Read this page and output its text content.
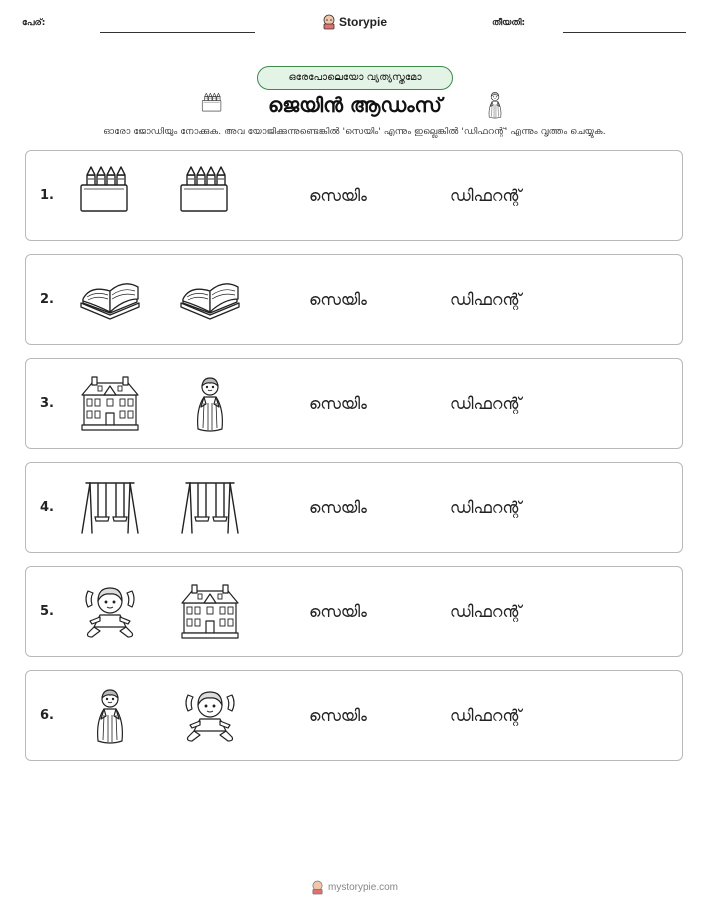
പേര്:	Storypie	തീയതി:
ഒരേപോലെയോ വ്യത്യസ്തമോ
ജെയിൻ ആഡംസ്
ഓരോ ജോഡിയും നോക്കുക. അവ യോജിക്കുന്നുണ്ടെങ്കിൽ 'സെയിം' എന്നും ഇല്ലെങ്കിൽ 'ഡിഫറന്റ്' എന്നും വൃത്തം ചെയ്യുക.
1.	സെയിം	ഡിഫറന്റ്
2.	സെയിം	ഡിഫറന്റ്
3.	സെയിം	ഡിഫറന്റ്
4.	സെയിം	ഡിഫറന്റ്
5.	സെയിം	ഡിഫറന്റ്
6.	സെയിം	ഡിഫറന്റ്
mystorypie.com
